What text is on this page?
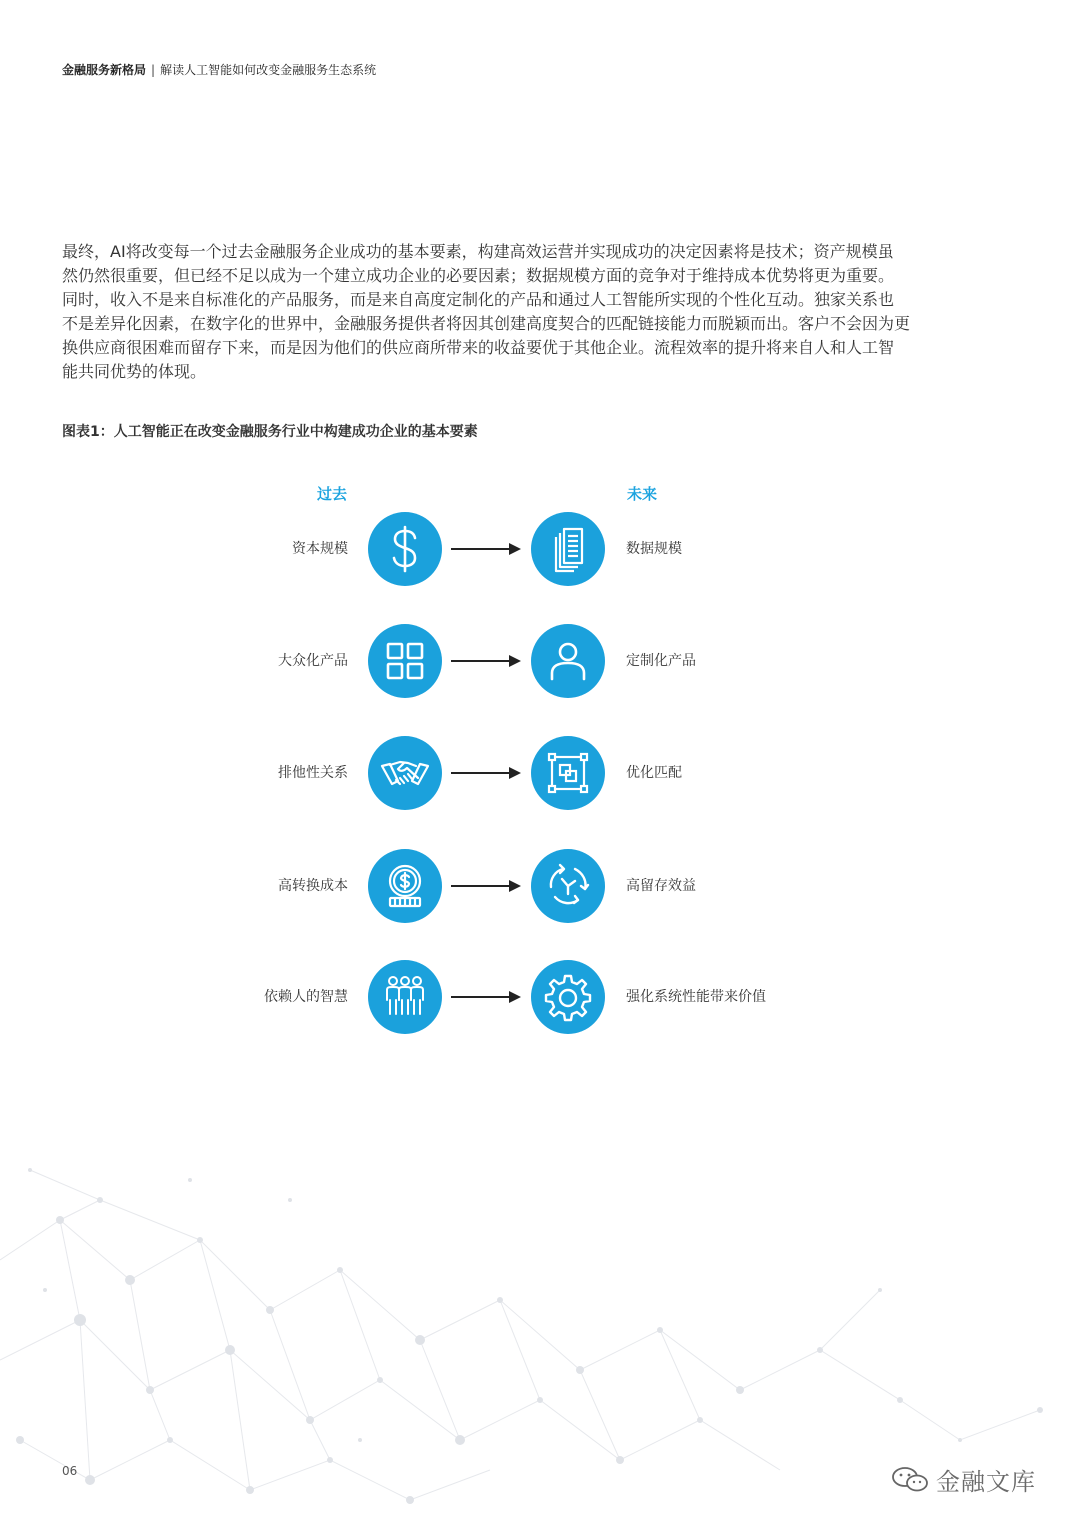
金融服务新格局 | 解读人工智能如何改变金融服务生态系统

最终，AI将改变每一个过去金融服务企业成功的基本要素，构建高效运营并实现成功的决定因素将是技术；资产规模虽
然仍然很重要，但已经不足以成为一个建立成功企业的必要因素；数据规模方面的竞争对于维持成本优势将更为重要。
同时，收入不是来自标准化的产品服务，而是来自高度定制化的产品和通过人工智能所实现的个性化互动。独家关系也
不是差异化因素，在数字化的世界中，金融服务提供者将因其创建高度契合的匹配链接能力而脱颖而出。客户不会因为更
换供应商很困难而留存下来，而是因为他们的供应商所带来的收益要优于其他企业。流程效率的提升将来自人和人工智
能共同优势的体现。

图表1：人工智能正在改变金融服务行业中构建成功企业的基本要素
过去	未来
资本规模	数据规模
大众化产品	定制化产品
排他性关系	优化匹配
高转换成本	高留存效益
依赖人的智慧	强化系统性能带来价值
06	金融文库
